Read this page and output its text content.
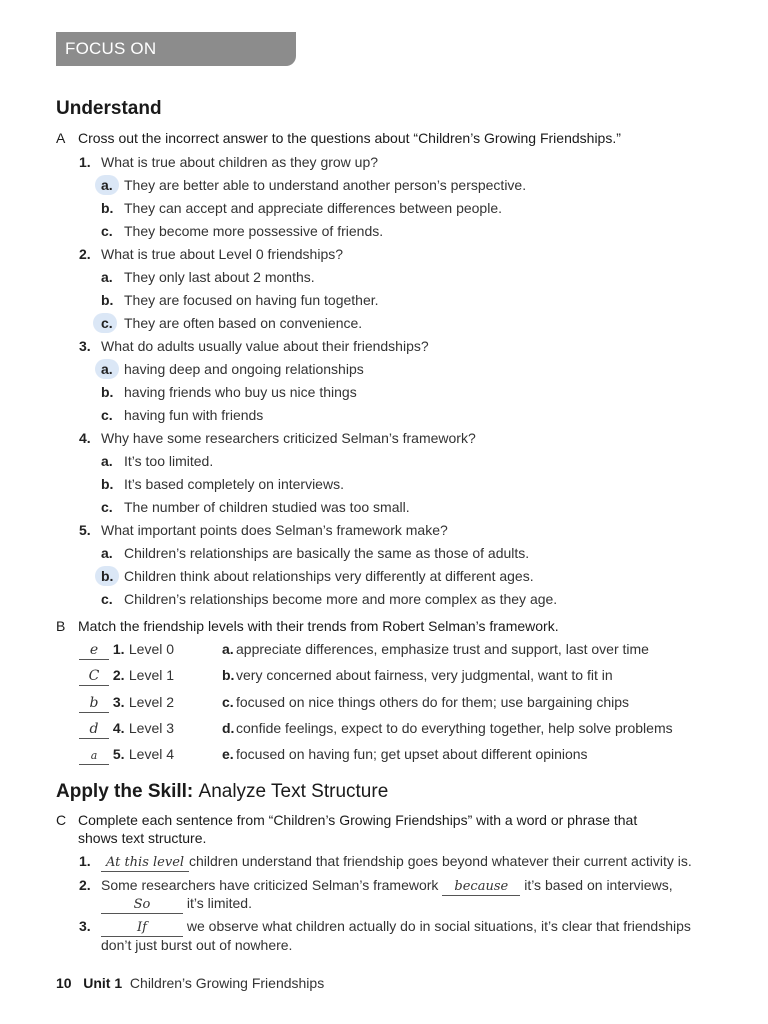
FOCUS ON UNDERSTANDING
Understand
A Cross out the incorrect answer to the questions about “Children’s Growing Friendships.”
1. What is true about children as they grow up?
a. They are better able to understand another person’s perspective.
b. They can accept and appreciate differences between people.
c. They become more possessive of friends.
2. What is true about Level 0 friendships?
a. They only last about 2 months.
b. They are focused on having fun together.
c. They are often based on convenience.
3. What do adults usually value about their friendships?
a. having deep and ongoing relationships
b. having friends who buy us nice things
c. having fun with friends
4. Why have some researchers criticized Selman’s framework?
a. It’s too limited.
b. It’s based completely on interviews.
c. The number of children studied was too small.
5. What important points does Selman’s framework make?
a. Children’s relationships are basically the same as those of adults.
b. Children think about relationships very differently at different ages.
c. Children’s relationships become more and more complex as they age.
B Match the friendship levels with their trends from Robert Selman’s framework.
e 1. Level 0	a. appreciate differences, emphasize trust and support, last over time
C 2. Level 1	b. very concerned about fairness, very judgmental, want to fit in
b 3. Level 2	c. focused on nice things others do for them; use bargaining chips
d 4. Level 3	d. confide feelings, expect to do everything together, help solve problems
a 5. Level 4	e. focused on having fun; get upset about different opinions
Apply the Skill: Analyze Text Structure
C Complete each sentence from “Children’s Growing Friendships” with a word or phrase that
shows text structure.
1. At this level children understand that friendship goes beyond whatever their current activity is.
2. Some researchers have criticized Selman’s framework because it’s based on interviews,
So	it’s limited.
3.	If	we observe what children actually do in social situations, it’s clear that friendships
don’t just burst out of nowhere.
10 Unit 1 Children’s Growing Friendships
